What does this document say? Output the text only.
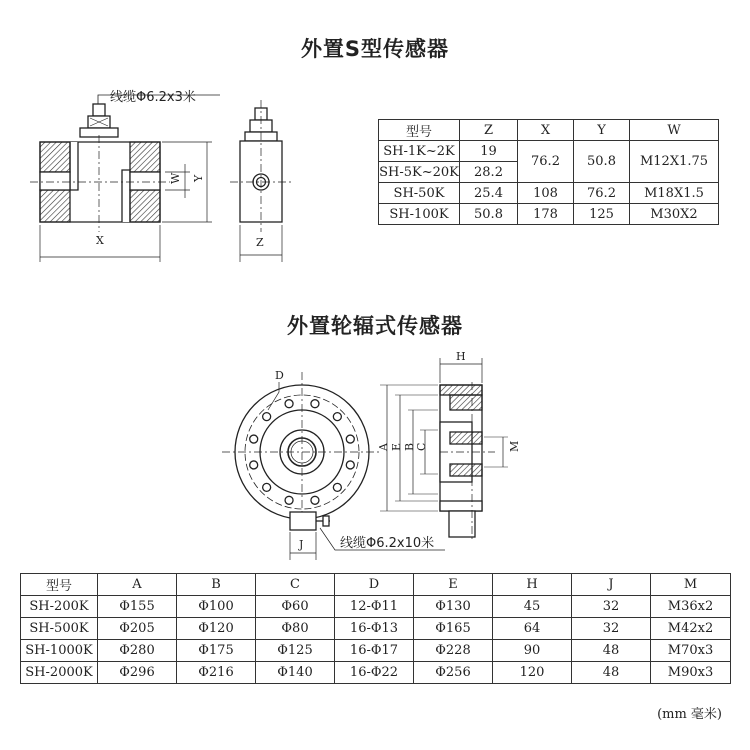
外置S型传感器
外置轮辐式传感器
线缆Φ6.2x3米
W Y
X	Z
D
J	线缆Φ6.2x10米
H
A E B C	M
型号	Z	X	Y	W
SH-1K~2K	19	76.2	50.8	M12X1.75
SH-5K~20K	28.2			
SH-50K	25.4	108	76.2	M18X1.5
SH-100K	50.8	178	125	M30X2
型号	A	B	C	D	E	H	J	M
SH-200K	Φ155	Φ100	Φ60	12-Φ11	Φ130	45	32	M36x2
SH-500K	Φ205	Φ120	Φ80	16-Φ13	Φ165	64	32	M42x2
SH-1000K	Φ280	Φ175	Φ125	16-Φ17	Φ228	90	48	M70x3
SH-2000K	Φ296	Φ216	Φ140	16-Φ22	Φ256	120	48	M90x3
(mm 毫米)
